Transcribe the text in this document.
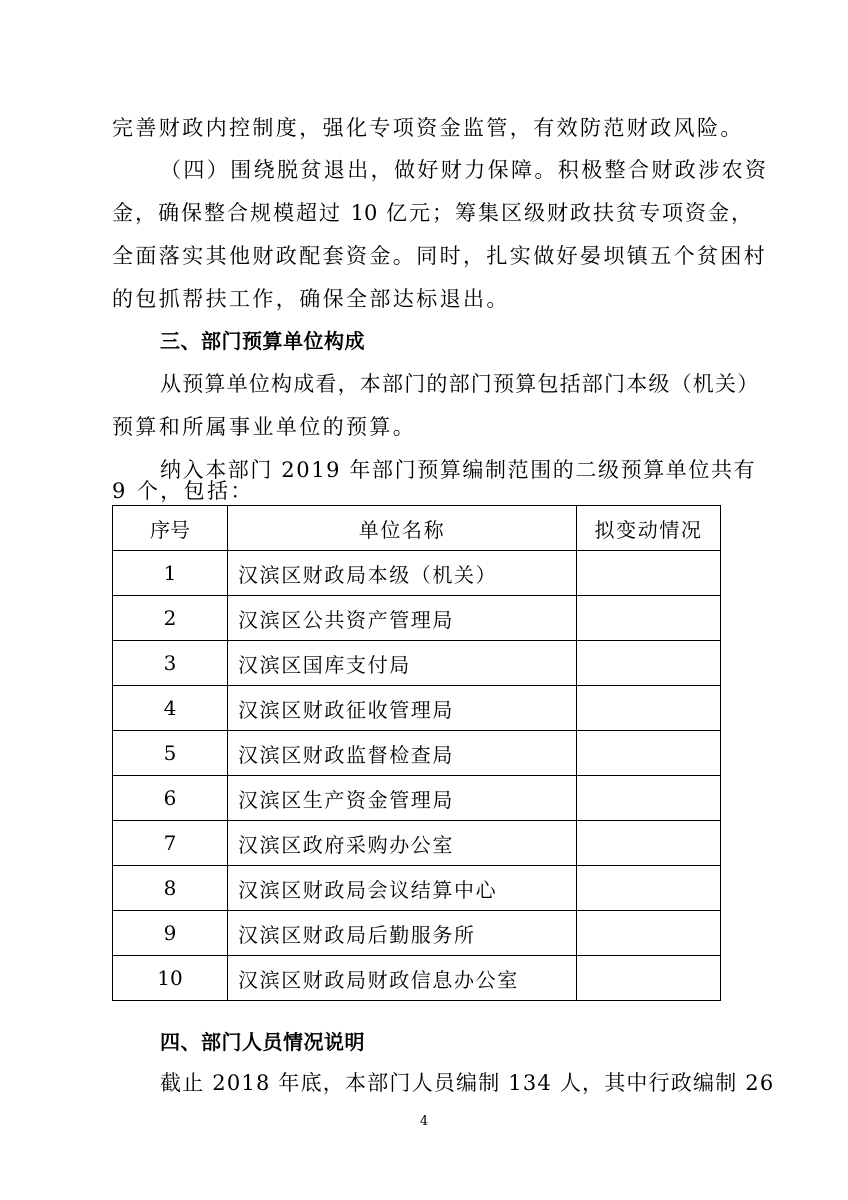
完善财政内控制度，强化专项资金监管，有效防范财政风险。
（四）围绕脱贫退出，做好财力保障。积极整合财政涉农资
金，确保整合规模超过 10 亿元；筹集区级财政扶贫专项资金，
全面落实其他财政配套资金。同时，扎实做好晏坝镇五个贫困村
的包抓帮扶工作，确保全部达标退出。
三、部门预算单位构成
从预算单位构成看，本部门的部门预算包括部门本级（机关）
预算和所属事业单位的预算。
纳入本部门 2019 年部门预算编制范围的二级预算单位共有
9 个，包括：
序号	单位名称	拟变动情况
1	汉滨区财政局本级（机关）	
2	汉滨区公共资产管理局	
3	汉滨区国库支付局	
4	汉滨区财政征收管理局	
5	汉滨区财政监督检查局	
6	汉滨区生产资金管理局	
7	汉滨区政府采购办公室	
8	汉滨区财政局会议结算中心	
9	汉滨区财政局后勤服务所	
10	汉滨区财政局财政信息办公室	
四、部门人员情况说明
截止 2018 年底，本部门人员编制 134 人，其中行政编制 26
4
